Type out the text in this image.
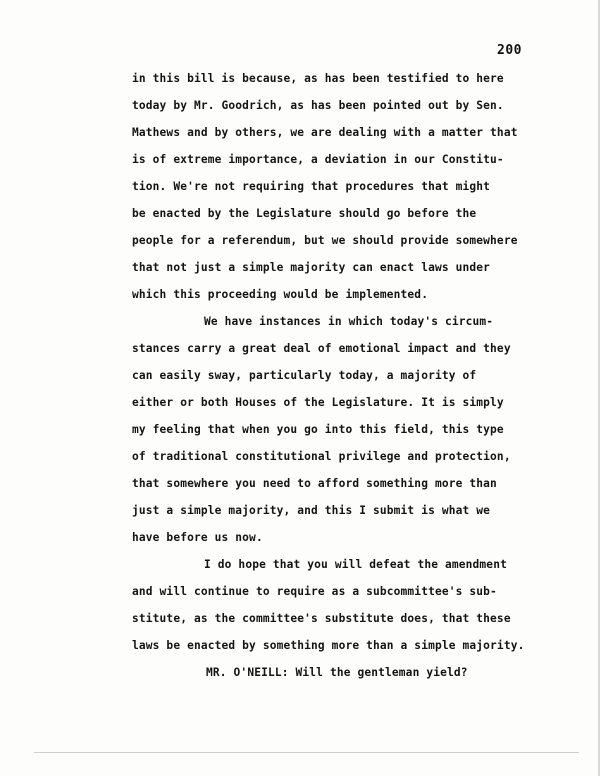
200
in this bill is because, as has been testified to here
today by Mr. Goodrich, as has been pointed out by Sen.
Mathews and by others, we are dealing with a matter that
is of extreme importance, a deviation in our Constitu-
tion. We're not requiring that procedures that might
be enacted by the Legislature should go before the
people for a referendum, but we should provide somewhere
that not just a simple majority can enact laws under
which this proceeding would be implemented.
We have instances in which today's circum-
stances carry a great deal of emotional impact and they
can easily sway, particularly today, a majority of
either or both Houses of the Legislature. It is simply
my feeling that when you go into this field, this type
of traditional constitutional privilege and protection,
that somewhere you need to afford something more than
just a simple majority, and this I submit is what we
have before us now.
I do hope that you will defeat the amendment
and will continue to require as a subcommittee's sub-
stitute, as the committee's substitute does, that these
laws be enacted by something more than a simple majority.
MR. O'NEILL: Will the gentleman yield?
